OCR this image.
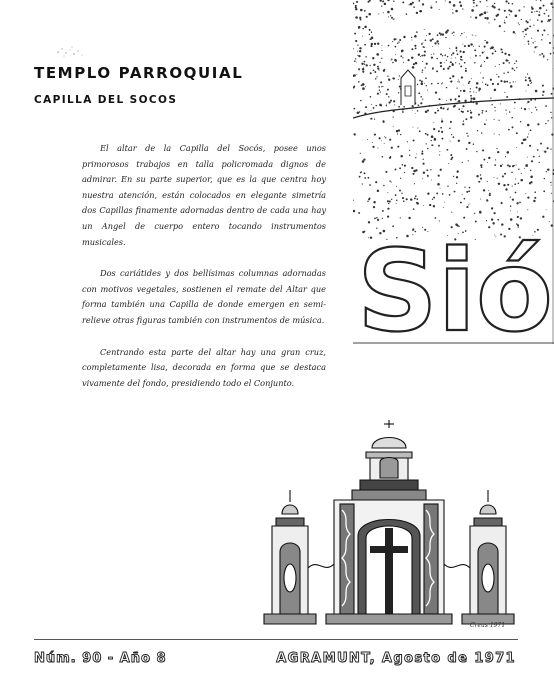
TEMPLO PARROQUIAL
CAPILLA DEL SOCOS

El altar de la Capilla del Socós, posee unos primorosos trabajos en talla policromada dignos de admirar. En su parte superior, que es la que centra hoy nuestra atención, están colocados en elegante simetría dos Capillas finamente adornadas dentro de cada una hay un Angel de cuerpo entero tocando instrumentos musicales.

Dos cariátides y dos bellísimas columnas adornadas con motivos vegetales, sostienen el remate del Altar que forma también una Capilla de donde emergen en semi-relieve otras figuras también con instrumentos de música.

Centrando esta parte del altar hay una gran cruz, completamente lisa, decorada en forma que se destaca vivamente del fondo, presidiendo todo el Conjunto.

Sió
Creus 1971
Núm. 90 - Año 8	AGRAMUNT, Agosto de 1971
